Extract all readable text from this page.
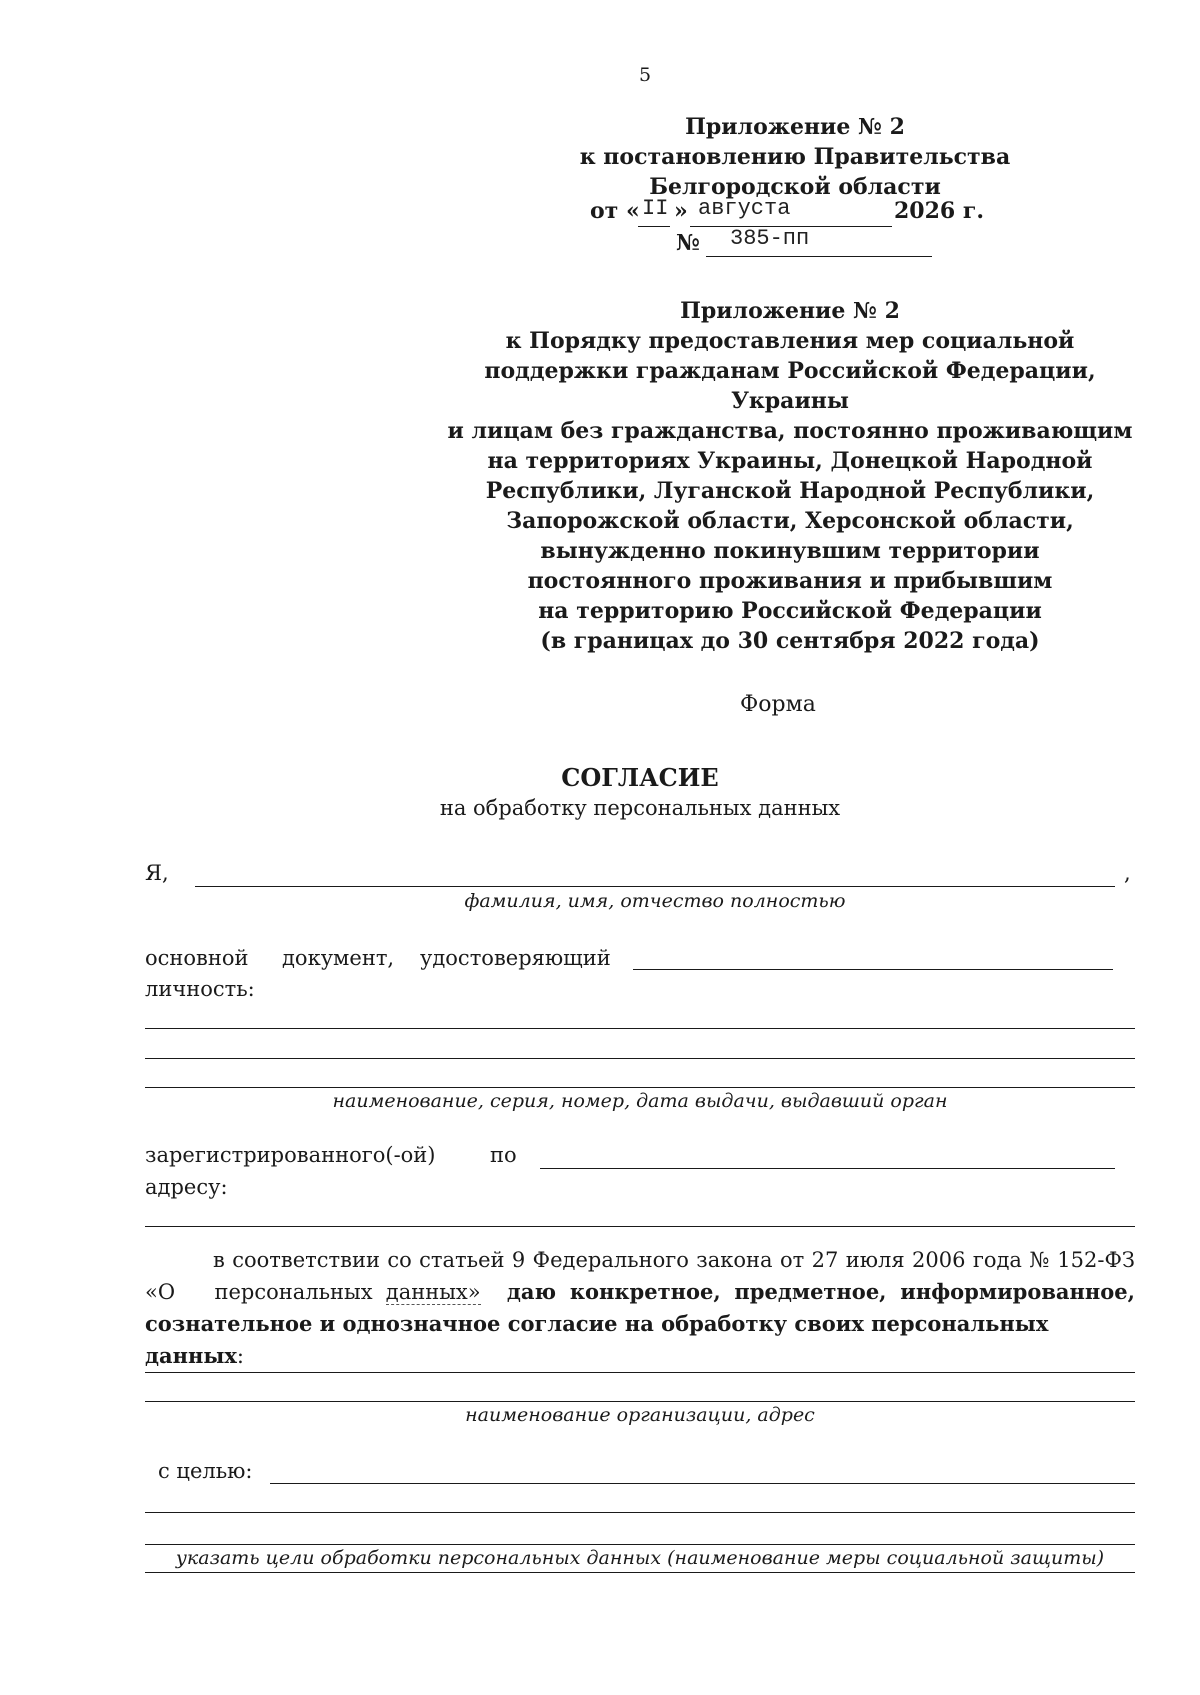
5
Приложение № 2
к постановлению Правительства
Белгородской области
от « II » августа	2026 г.
№ 385-пп
Приложение № 2
к Порядку предоставления мер социальной
поддержки гражданам Российской Федерации, Украины
и лицам без гражданства, постоянно проживающим
на территориях Украины, Донецкой Народной
Республики, Луганской Народной Республики,
Запорожской области, Херсонской области,
вынужденно покинувшим территории
постоянного проживания и прибывшим
на территорию Российской Федерации
(в границах до 30 сентября 2022 года)
Форма
СОГЛАСИЕ
на обработку персональных данных
Я,	,
фамилия, имя, отчество полностью
основной документ, удостоверяющий
личность:
наименование, серия, номер, дата выдачи, выдавший орган
зарегистрированного(-ой)	по
адресу:
в соответствии со статьей 9 Федерального закона от 27 июля 2006 года № 152-ФЗ
«О персональных данных» даю конкретное, предметное, информированное,
сознательное и однозначное согласие на обработку своих персональных данных:
наименование организации, адрес
с целью:
указать цели обработки персональных данных (наименование меры социальной защиты)
